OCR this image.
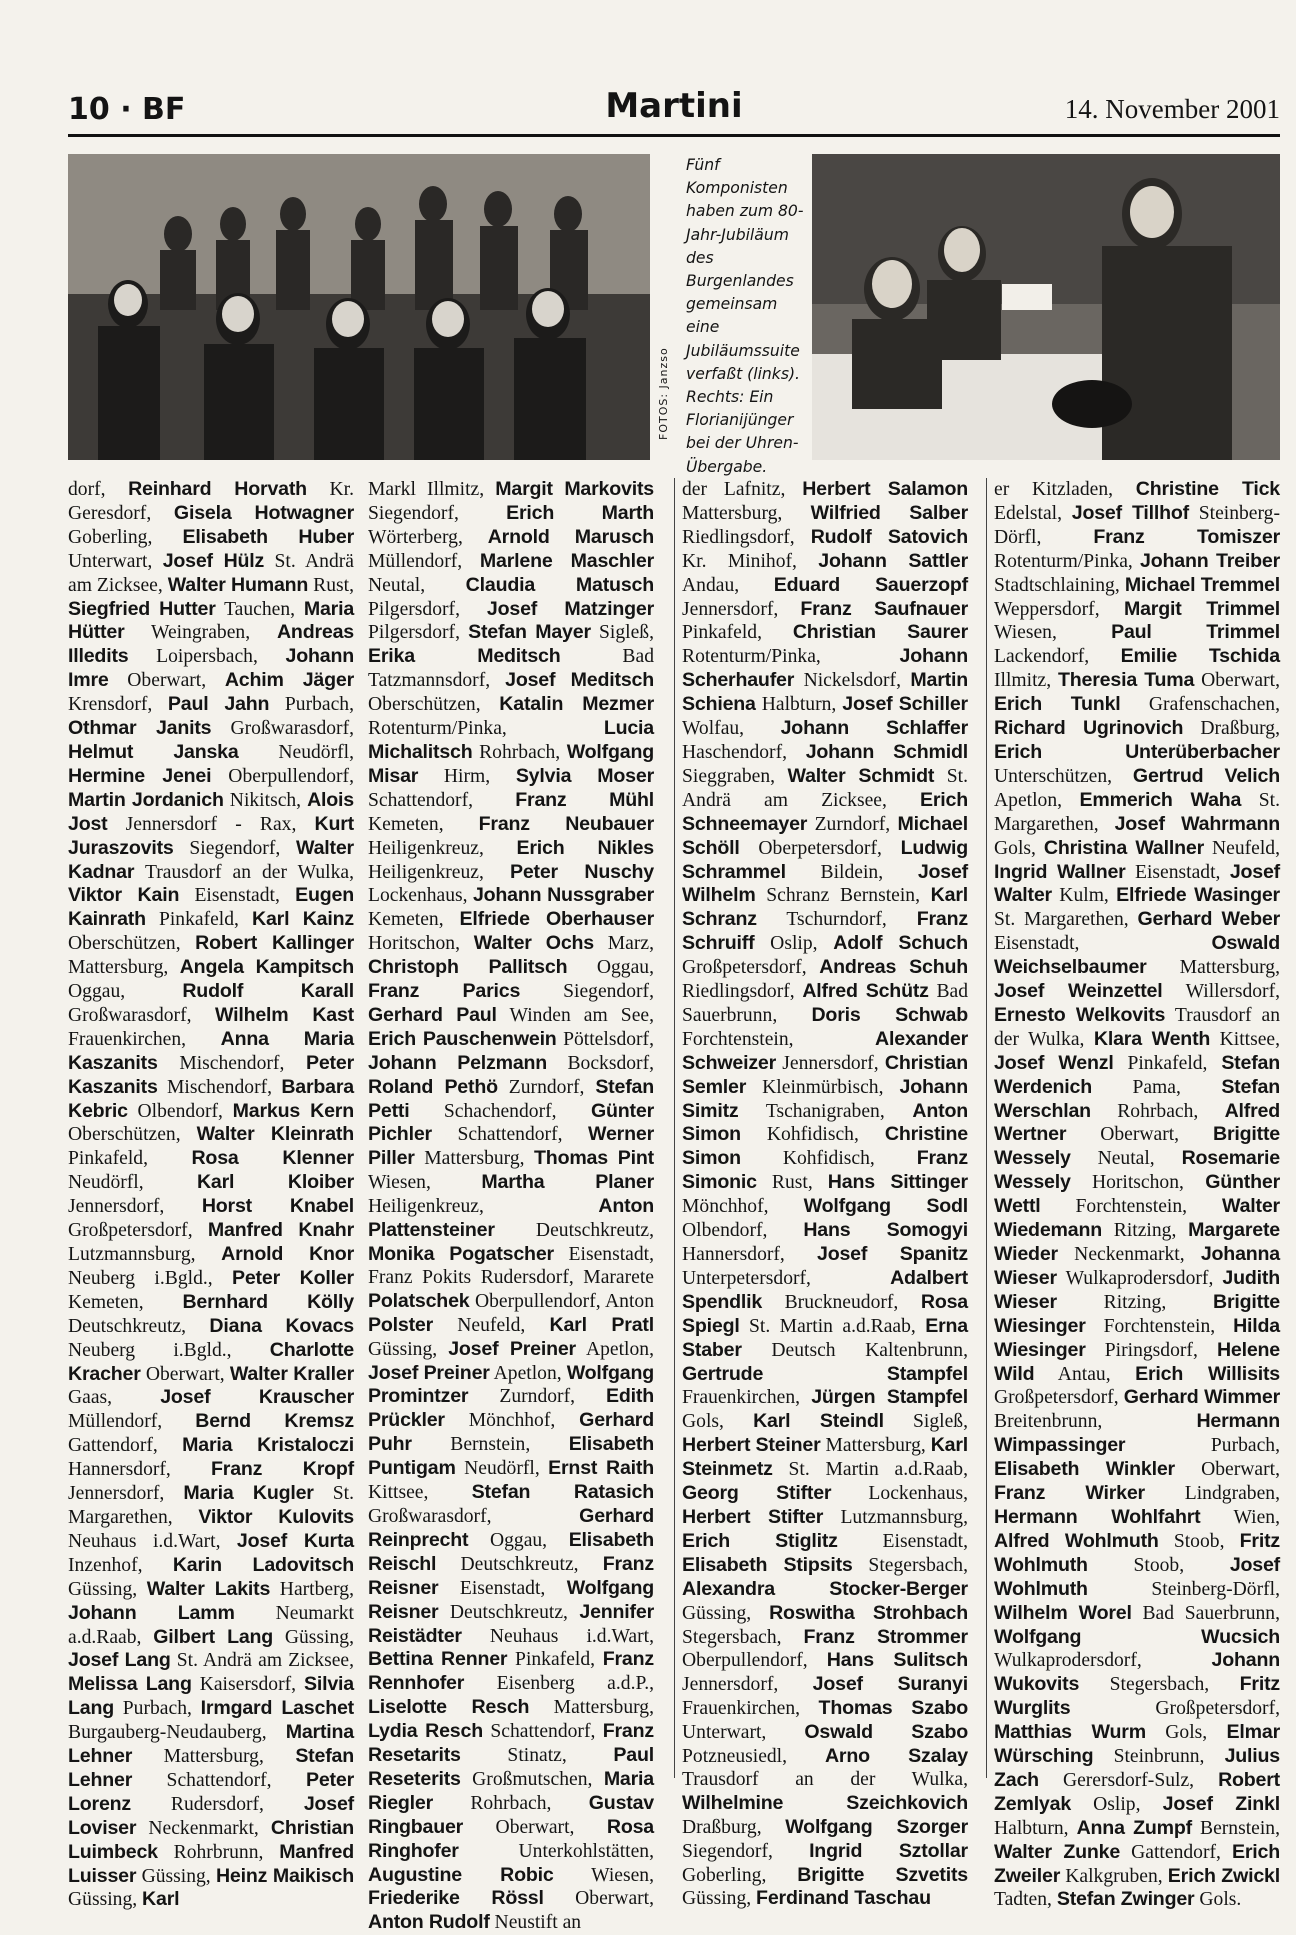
10 · BF	Martini	14. November 2001
FOTOS: Janzso
Fünf Komponisten haben zum 80-Jahr-Jubiläum des Burgenlandes gemeinsam eine Jubiläumssuite verfaßt (links). Rechts: Ein Florianijünger bei der Uhren-Übergabe.

dorf, Reinhard Horvath Kr. Geresdorf, Gisela Hotwagner Goberling, Elisabeth Huber Unterwart, Josef Hülz St. Andrä am Zicksee, Walter Humann Rust, Siegfried Hutter Tauchen, Maria Hütter Weingraben, Andreas Illedits Loipersbach, Johann Imre Oberwart, Achim Jäger Krensdorf, Paul Jahn Purbach, Othmar Janits Großwarasdorf, Helmut Janska Neudörfl, Hermine Jenei Oberpullendorf, Martin Jordanich Nikitsch, Alois Jost Jennersdorf - Rax, Kurt Juraszovits Siegendorf, Walter Kadnar Trausdorf an der Wulka, Viktor Kain Eisenstadt, Eugen Kainrath Pinkafeld, Karl Kainz Oberschützen, Robert Kallinger Mattersburg, Angela Kampitsch Oggau, Rudolf Karall Großwarasdorf, Wilhelm Kast Frauenkirchen, Anna Maria Kaszanits Mischendorf, Peter Kaszanits Mischendorf, Barbara Kebric Olbendorf, Markus Kern Oberschützen, Walter Kleinrath Pinkafeld, Rosa Klenner Neudörfl, Karl Kloiber Jennersdorf, Horst Knabel Großpetersdorf, Manfred Knahr Lutzmannsburg, Arnold Knor Neuberg i.Bgld., Peter Koller Kemeten, Bernhard Kölly Deutschkreutz, Diana Kovacs Neuberg i.Bgld., Charlotte Kracher Oberwart, Walter Kraller Gaas, Josef Krauscher Müllendorf, Bernd Kremsz Gattendorf, Maria Kristaloczi Hannersdorf, Franz Kropf Jennersdorf, Maria Kugler St. Margarethen, Viktor Kulovits Neuhaus i.d.Wart, Josef Kurta Inzenhof, Karin Ladovitsch Güssing, Walter Lakits Hartberg, Johann Lamm Neumarkt a.d.Raab, Gilbert Lang Güssing, Josef Lang St. Andrä am Zicksee, Melissa Lang Kaisersdorf, Silvia Lang Purbach, Irmgard Laschet Burgauberg-Neudauberg, Martina Lehner Mattersburg, Stefan Lehner Schattendorf, Peter Lorenz Rudersdorf, Josef Loviser Neckenmarkt, Christian Luimbeck Rohrbrunn, Manfred Luisser Güssing, Heinz Maikisch Güssing, Karl

Markl Illmitz, Margit Markovits Siegendorf, Erich Marth Wörterberg, Arnold Marusch Müllendorf, Marlene Maschler Neutal, Claudia Matusch Pilgersdorf, Josef Matzinger Pilgersdorf, Stefan Mayer Sigleß, Erika Meditsch Bad Tatzmannsdorf, Josef Meditsch Oberschützen, Katalin Mezmer Rotenturm/Pinka, Lucia Michalitsch Rohrbach, Wolfgang Misar Hirm, Sylvia Moser Schattendorf, Franz Mühl Kemeten, Franz Neubauer Heiligenkreuz, Erich Nikles Heiligenkreuz, Peter Nuschy Lockenhaus, Johann Nussgraber Kemeten, Elfriede Oberhauser Horitschon, Walter Ochs Marz, Christoph Pallitsch Oggau, Franz Parics Siegendorf, Gerhard Paul Winden am See, Erich Pauschenwein Pöttelsdorf, Johann Pelzmann Bocksdorf, Roland Pethö Zurndorf, Stefan Petti Schachendorf, Günter Pichler Schattendorf, Werner Piller Mattersburg, Thomas Pint Wiesen, Martha Planer Heiligenkreuz, Anton Plattensteiner Deutschkreutz, Monika Pogatscher Eisenstadt, Franz Pokits Rudersdorf, Mararete Polatschek Oberpullendorf, Anton Polster Neufeld, Karl Pratl Güssing, Josef Preiner Apetlon, Josef Preiner Apetlon, Wolfgang Promintzer Zurndorf, Edith Prückler Mönchhof, Gerhard Puhr Bernstein, Elisabeth Puntigam Neudörfl, Ernst Raith Kittsee, Stefan Ratasich Großwarasdorf, Gerhard Reinprecht Oggau, Elisabeth Reischl Deutschkreutz, Franz Reisner Eisenstadt, Wolfgang Reisner Deutschkreutz, Jennifer Reistädter Neuhaus i.d.Wart, Bettina Renner Pinkafeld, Franz Rennhofer Eisenberg a.d.P., Liselotte Resch Mattersburg, Lydia Resch Schattendorf, Franz Resetarits Stinatz, Paul Reseterits Großmutschen, Maria Riegler Rohrbach, Gustav Ringbauer Oberwart, Rosa Ringhofer Unterkohlstätten, Augustine Robic Wiesen, Friederike Rössl Oberwart, Anton Rudolf Neustift an

der Lafnitz, Herbert Salamon Mattersburg, Wilfried Salber Riedlingsdorf, Rudolf Satovich Kr. Minihof, Johann Sattler Andau, Eduard Sauerzopf Jennersdorf, Franz Saufnauer Pinkafeld, Christian Saurer Rotenturm/Pinka, Johann Scherhaufer Nickelsdorf, Martin Schiena Halbturn, Josef Schiller Wolfau, Johann Schlaffer Haschendorf, Johann Schmidl Sieggraben, Walter Schmidt St. Andrä am Zicksee, Erich Schneemayer Zurndorf, Michael Schöll Oberpetersdorf, Ludwig Schrammel Bildein, Josef Wilhelm Schranz Bernstein, Karl Schranz Tschurndorf, Franz Schruiff Oslip, Adolf Schuch Großpetersdorf, Andreas Schuh Riedlingsdorf, Alfred Schütz Bad Sauerbrunn, Doris Schwab Forchtenstein, Alexander Schweizer Jennersdorf, Christian Semler Kleinmürbisch, Johann Simitz Tschanigraben, Anton Simon Kohfidisch, Christine Simon Kohfidisch, Franz Simonic Rust, Hans Sittinger Mönchhof, Wolfgang Sodl Olbendorf, Hans Somogyi Hannersdorf, Josef Spanitz Unterpetersdorf, Adalbert Spendlik Bruckneudorf, Rosa Spiegl St. Martin a.d.Raab, Erna Staber Deutsch Kaltenbrunn, Gertrude Stampfel Frauenkirchen, Jürgen Stampfel Gols, Karl Steindl Sigleß, Herbert Steiner Mattersburg, Karl Steinmetz St. Martin a.d.Raab, Georg Stifter Lockenhaus, Herbert Stifter Lutzmannsburg, Erich Stiglitz Eisenstadt, Elisabeth Stipsits Stegersbach, Alexandra Stocker-Berger Güssing, Roswitha Strohbach Stegersbach, Franz Strommer Oberpullendorf, Hans Sulitsch Jennersdorf, Josef Suranyi Frauenkirchen, Thomas Szabo Unterwart, Oswald Szabo Potzneusiedl, Arno Szalay Trausdorf an der Wulka, Wilhelmine Szeichkovich Draßburg, Wolfgang Szorger Siegendorf, Ingrid Sztollar Goberling, Brigitte Szvetits Güssing, Ferdinand Taschau

er Kitzladen, Christine Tick Edelstal, Josef Tillhof Steinberg-Dörfl, Franz Tomiszer Rotenturm/Pinka, Johann Treiber Stadtschlaining, Michael Tremmel Weppersdorf, Margit Trimmel Wiesen, Paul Trimmel Lackendorf, Emilie Tschida Illmitz, Theresia Tuma Oberwart, Erich Tunkl Grafenschachen, Richard Ugrinovich Draßburg, Erich Unterüberbacher Unterschützen, Gertrud Velich Apetlon, Emmerich Waha St. Margarethen, Josef Wahrmann Gols, Christina Wallner Neufeld, Ingrid Wallner Eisenstadt, Josef Walter Kulm, Elfriede Wasinger St. Margarethen, Gerhard Weber Eisenstadt, Oswald Weichselbaumer Mattersburg, Josef Weinzettel Willersdorf, Ernesto Welkovits Trausdorf an der Wulka, Klara Wenth Kittsee, Josef Wenzl Pinkafeld, Stefan Werdenich Pama, Stefan Werschlan Rohrbach, Alfred Wertner Oberwart, Brigitte Wessely Neutal, Rosemarie Wessely Horitschon, Günther Wettl Forchtenstein, Walter Wiedemann Ritzing, Margarete Wieder Neckenmarkt, Johanna Wieser Wulkaprodersdorf, Judith Wieser Ritzing, Brigitte Wiesinger Forchtenstein, Hilda Wiesinger Piringsdorf, Helene Wild Antau, Erich Willisits Großpetersdorf, Gerhard Wimmer Breitenbrunn, Hermann Wimpassinger Purbach, Elisabeth Winkler Oberwart, Franz Wirker Lindgraben, Hermann Wohlfahrt Wien, Alfred Wohlmuth Stoob, Fritz Wohlmuth Stoob, Josef Wohlmuth Steinberg-Dörfl, Wilhelm Worel Bad Sauerbrunn, Wolfgang Wucsich Wulkaprodersdorf, Johann Wukovits Stegersbach, Fritz Wurglits Großpetersdorf, Matthias Wurm Gols, Elmar Würsching Steinbrunn, Julius Zach Gerersdorf-Sulz, Robert Zemlyak Oslip, Josef Zinkl Halbturn, Anna Zumpf Bernstein, Walter Zunke Gattendorf, Erich Zweiler Kalkgruben, Erich Zwickl Tadten, Stefan Zwinger Gols.
